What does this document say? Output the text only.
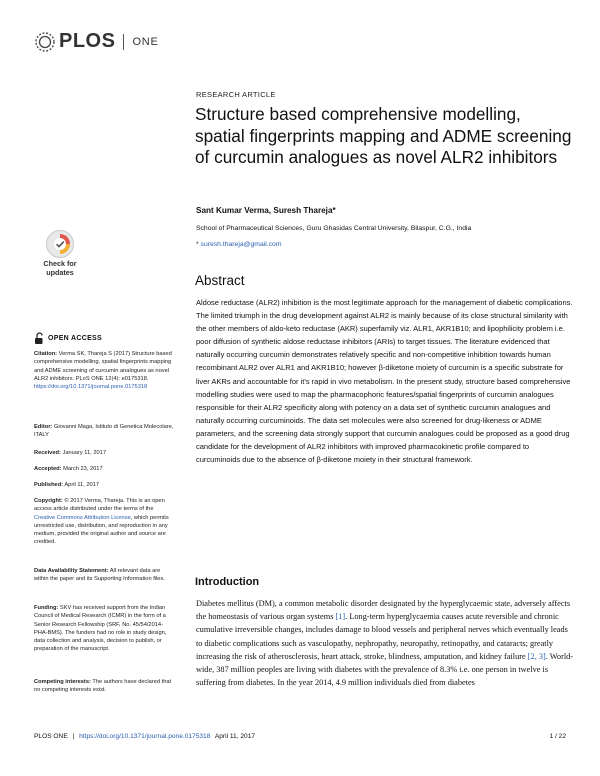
PLOS ONE
RESEARCH ARTICLE
Structure based comprehensive modelling, spatial fingerprints mapping and ADME screening of curcumin analogues as novel ALR2 inhibitors
Sant Kumar Verma, Suresh Thareja*
School of Pharmaceutical Sciences, Guru Ghasidas Central University, Bilaspur, C.G., India
* suresh.thareja@gmail.com
Check for
updates
OPEN ACCESS
Citation: Verma SK, Thareja S (2017) Structure based comprehensive modelling, spatial fingerprints mapping and ADME screening of curcumin analogues as novel ALR2 inhibitors. PLoS ONE 12(4): e0175318. https://doi.org/10.1371/journal.pone.0175318
Editor: Giovanni Maga, Istituto di Genetica Molecolare, ITALY
Received: January 11, 2017
Accepted: March 23, 2017
Published: April 11, 2017
Copyright: © 2017 Verma, Thareja. This is an open access article distributed under the terms of the Creative Commons Attribution License, which permits unrestricted use, distribution, and reproduction in any medium, provided the original author and source are credited.
Data Availability Statement: All relevant data are within the paper and its Supporting Information files.
Funding: SKV has received support from the Indian Council of Medical Research (ICMR) in the form of a Senior Research Fellowship (SRF, No. 45/54/2014-PHA-BMS). The funders had no role in study design, data collection and analysis, decision to publish, or preparation of the manuscript.
Competing interests: The authors have declared that no competing interests exist.
Abstract

Aldose reductase (ALR2) inhibition is the most legitimate approach for the management of diabetic complications. The limited triumph in the drug development against ALR2 is mainly because of its close structural similarity with the other members of aldo-keto reductase (AKR) superfamily viz. ALR1, AKR1B10; and lipophilicity problem i.e. poor diffusion of synthetic aldose reductase inhibitors (ARIs) to target tissues. The literature evidenced that naturally occurring curcumin demonstrates relatively specific and non-competitive inhibition towards human recombinant ALR2 over ALR1 and AKR1B10; however β-diketone moiety of curcumin is a specific substrate for liver AKRs and accountable for it's rapid in vivo metabolism. In the present study, structure based comprehensive modelling studies were used to map the pharmacophoric features/spatial fingerprints of curcumin analogues responsible for their ALR2 specificity along with potency on a data set of synthetic curcumin analogues and naturally occurring curcuminoids. The data set molecules were also screened for drug-likeness or ADME parameters, and the screening data strongly support that curcumin analogues could be proposed as a good drug candidate for the development of ALR2 inhibitors with improved pharmacokinetic profile compared to curcuminoids due to the absence of β-diketone moiety in their structural framework.

Introduction

Diabetes mellitus (DM), a common metabolic disorder designated by the hyperglycaemic state, adversely affects the homeostasis of various organ systems [1]. Long-term hyperglycaemia causes acute reversible and chronic cumulative irreversible changes, includes damage to blood vessels and peripheral nerves which eventually leads to diabetic complications such as vasculopathy, nephropathy, neuropathy, retinopathy, and cataracts; greatly increasing the risk of atherosclerosis, heart attack, stroke, blindness, amputation, and kidney failure [2, 3]. World-wide, 387 million peoples are living with diabetes with the prevalence of 8.3% i.e. one person in twelve is suffering from diabetes. In the year 2014, 4.9 million individuals died from diabetes

PLOS ONE | https://doi.org/10.1371/journal.pone.0175318 April 11, 2017	1 / 22
